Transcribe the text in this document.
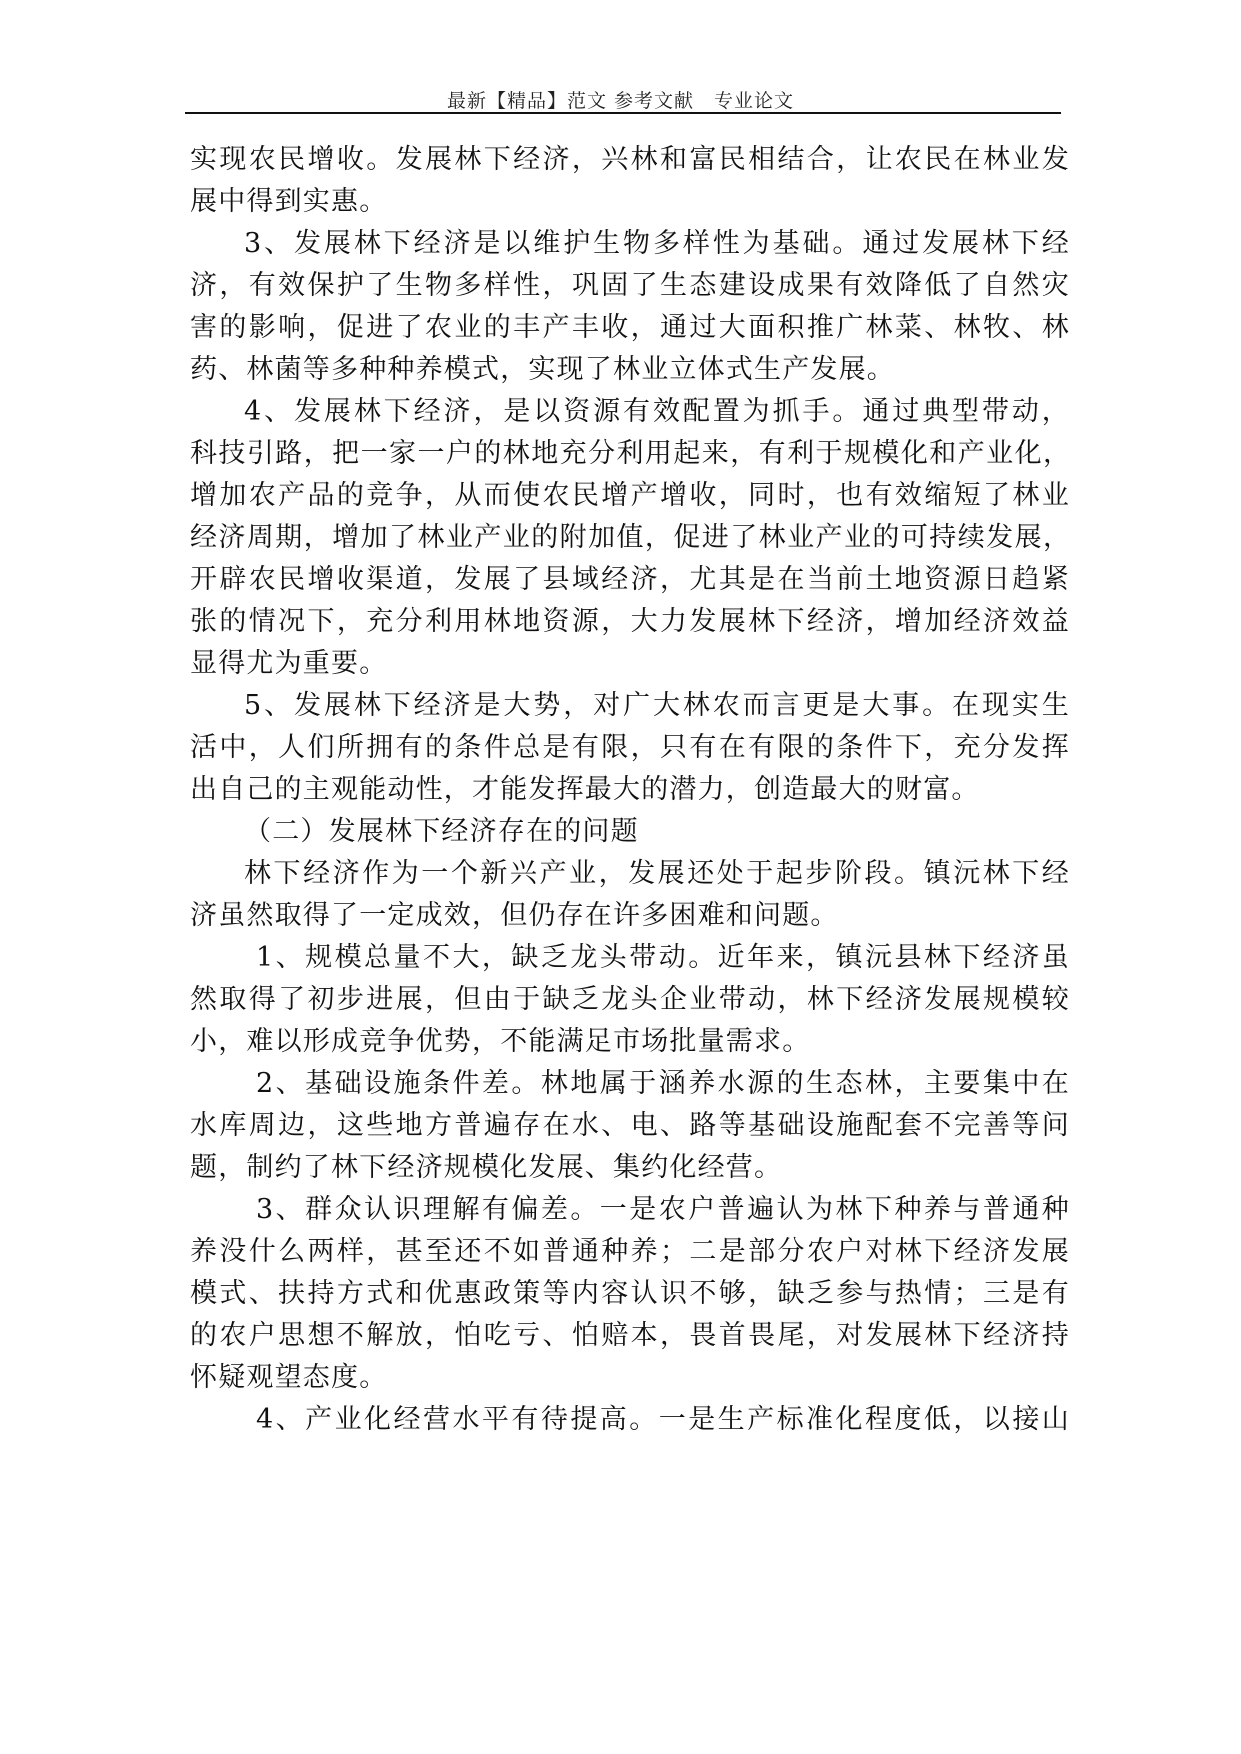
最新【精品】范文 参考文献　专业论文
实现农民增收。发展林下经济，兴林和富民相结合，让农民在林业发
展中得到实惠。
3、发展林下经济是以维护生物多样性为基础。通过发展林下经
济，有效保护了生物多样性，巩固了生态建设成果有效降低了自然灾
害的影响，促进了农业的丰产丰收，通过大面积推广林菜、林牧、林
药、林菌等多种种养模式，实现了林业立体式生产发展。
4、发展林下经济，是以资源有效配置为抓手。通过典型带动，
科技引路，把一家一户的林地充分利用起来，有利于规模化和产业化，
增加农产品的竞争，从而使农民增产增收，同时，也有效缩短了林业
经济周期，增加了林业产业的附加值，促进了林业产业的可持续发展，
开辟农民增收渠道，发展了县域经济，尤其是在当前土地资源日趋紧
张的情况下，充分利用林地资源，大力发展林下经济，增加经济效益
显得尤为重要。
5、发展林下经济是大势，对广大林农而言更是大事。在现实生
活中，人们所拥有的条件总是有限，只有在有限的条件下，充分发挥
出自己的主观能动性，才能发挥最大的潜力，创造最大的财富。
（二）发展林下经济存在的问题
林下经济作为一个新兴产业，发展还处于起步阶段。镇沅林下经
济虽然取得了一定成效，但仍存在许多困难和问题。
1、规模总量不大，缺乏龙头带动。近年来，镇沅县林下经济虽
然取得了初步进展，但由于缺乏龙头企业带动，林下经济发展规模较
小，难以形成竞争优势，不能满足市场批量需求。
2、基础设施条件差。林地属于涵养水源的生态林，主要集中在
水库周边，这些地方普遍存在水、电、路等基础设施配套不完善等问
题，制约了林下经济规模化发展、集约化经营。
3、群众认识理解有偏差。一是农户普遍认为林下种养与普通种
养没什么两样，甚至还不如普通种养；二是部分农户对林下经济发展
模式、扶持方式和优惠政策等内容认识不够，缺乏参与热情；三是有
的农户思想不解放，怕吃亏、怕赔本，畏首畏尾，对发展林下经济持
怀疑观望态度。
4、产业化经营水平有待提高。一是生产标准化程度低，以接山
